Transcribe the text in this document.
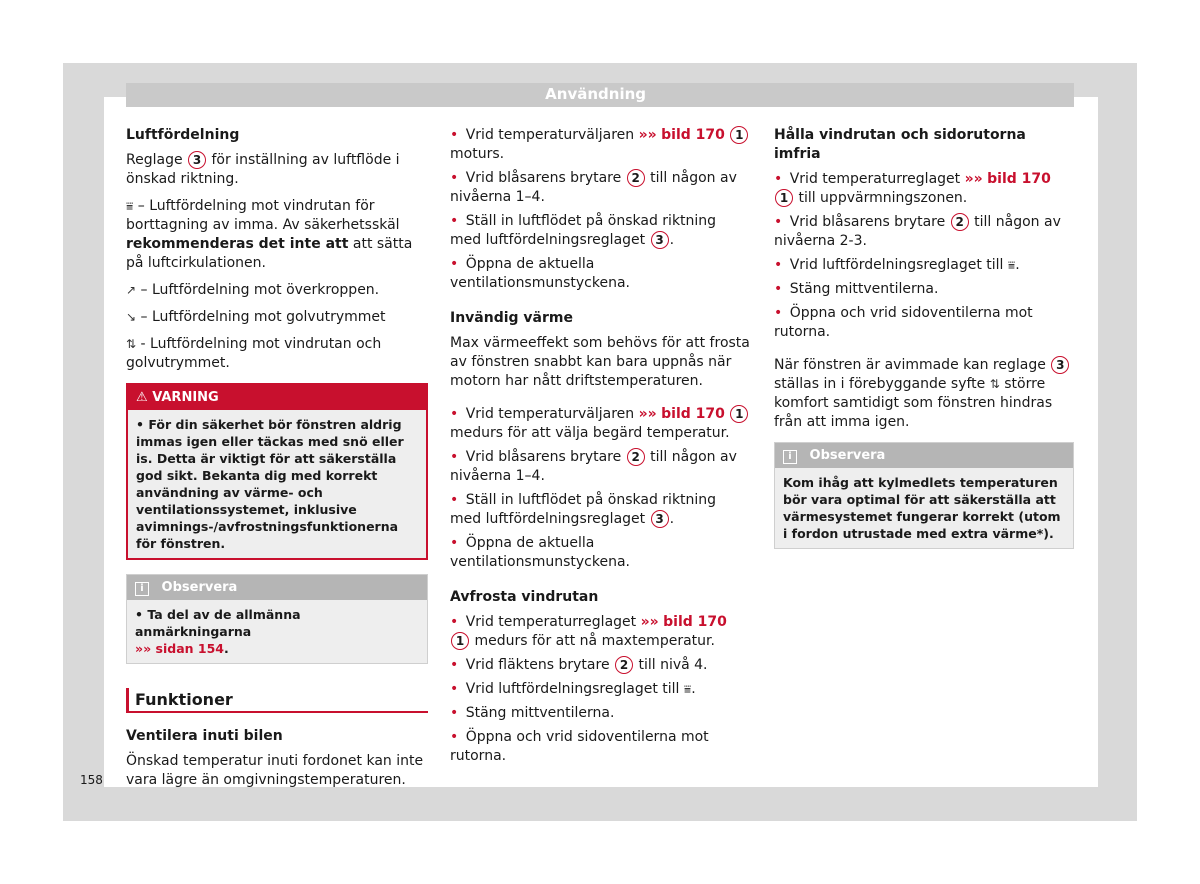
Användning
Luftfördelning
Reglage 3 för inställning av luftflöde i önskad riktning.
⩸ – Luftfördelning mot vindrutan för borttagning av imma. Av säkerhetsskäl rekommenderas det inte att att sätta på luftcirkulationen.
↗ – Luftfördelning mot överkroppen.
↘ – Luftfördelning mot golvutrymmet
⇅ - Luftfördelning mot vindrutan och golvutrymmet.
⚠ VARNING
• För din säkerhet bör fönstren aldrig immas igen eller täckas med snö eller is. Detta är viktigt för att säkerställa god sikt. Bekanta dig med korrekt användning av värme- och ventilationssystemet, inklusive avimnings-/avfrostningsfunktionerna för fönstren.
i Observera
• Ta del av de allmänna anmärkningarna
»» sidan 154.
Funktioner
Ventilera inuti bilen
Önskad temperatur inuti fordonet kan inte vara lägre än omgivningstemperaturen.
• Vrid temperaturväljaren »» bild 170 1 moturs.
• Vrid blåsarens brytare 2 till någon av nivåerna 1–4.
• Ställ in luftflödet på önskad riktning med luftfördelningsreglaget 3 .
• Öppna de aktuella ventilationsmunstyckena.
Invändig värme
Max värmeeffekt som behövs för att frosta av fönstren snabbt kan bara uppnås när motorn har nått driftstemperaturen.
• Vrid temperaturväljaren »» bild 170 1 medurs för att välja begärd temperatur.
• Vrid blåsarens brytare 2 till någon av nivåerna 1–4.
• Ställ in luftflödet på önskad riktning med luftfördelningsreglaget 3 .
• Öppna de aktuella ventilationsmunstyckena.
Avfrosta vindrutan
• Vrid temperaturreglaget »» bild 170 1 medurs för att nå maxtemperatur.
• Vrid fläktens brytare 2 till nivå 4.
• Vrid luftfördelningsreglaget till ⩸.
• Stäng mittventilerna.
• Öppna och vrid sidoventilerna mot rutorna.
Hålla vindrutan och sidorutorna imfria
• Vrid temperaturreglaget »» bild 170 1 till uppvärmningszonen.
• Vrid blåsarens brytare 2 till någon av nivåerna 2-3.
• Vrid luftfördelningsreglaget till ⩸.
• Stäng mittventilerna.
• Öppna och vrid sidoventilerna mot rutorna.
När fönstren är avimmade kan reglage 3 ställas in i förebyggande syfte ⇅ större komfort samtidigt som fönstren hindras från att imma igen.
i Observera
Kom ihåg att kylmedlets temperaturen bör vara optimal för att säkerställa att värmesystemet fungerar korrekt (utom i fordon utrustade med extra värme*).
158
